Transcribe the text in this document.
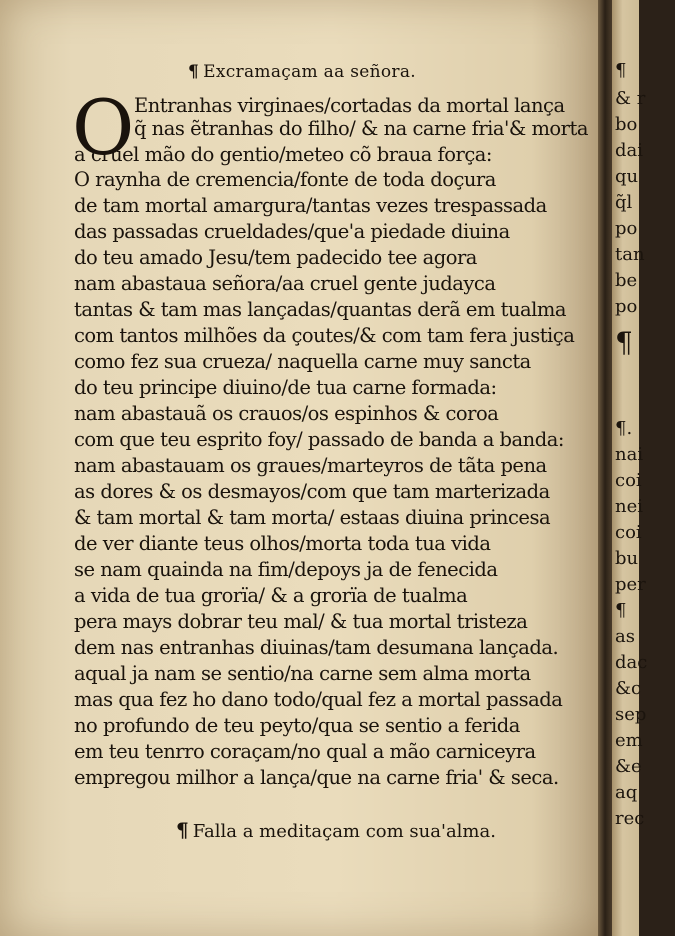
¶ Excramaçam aa señora.
O Entranhas virginaes/cortadas da mortal lança
q̃ nas ẽtranhas do filho/ & na carne fria'& morta
a cruel mão do gentio/meteo cõ braua força:
O raynha de cremencia/fonte de toda doçura
de tam mortal amargura/tantas vezes trespassada
das passadas crueldades/que'a piedade diuina
do teu amado Jesu/tem padecido tee agora
nam abastaua señora/aa cruel gente judayca
tantas & tam mas lançadas/quantas derã em tualma
com tantos milhões da çoutes/& com tam fera justiça
como fez sua crueza/ naquella carne muy sancta
do teu principe diuino/de tua carne formada:
nam abastauã os crauos/os espinhos & coroa
com que teu esprito foy/ passado de banda a banda:
nam abastauam os graues/marteyros de tãta pena
as dores & os desmayos/com que tam marterizada
& tam mortal & tam morta/ estaas diuina princesa
de ver diante teus olhos/morta toda tua vida
se nam quainda na fim/depoys ja de fenecida
a vida de tua grorïa/ & a grorïa de tualma
pera mays dobrar teu mal/ & tua mortal tristeza
dem nas entranhas diuinas/tam desumana lançada.
aqual ja nam se sentio/na carne sem alma morta
mas qua fez ho dano todo/qual fez a mortal passada
no profundo de teu peyto/qua se sentio a ferida
em teu tenrro coraçam/no qual a mão carniceyra
empregou milhor a lança/que na carne fria' & seca.
¶ Falla a meditaçam com sua'alma.
¶
& r
bo
dai
qu
q̃l
po
tan
be
po
¶
¶.
nai
coi
nei
coi
bu
per
¶
as
dac
&c
sep
em
&e
aq
rec
